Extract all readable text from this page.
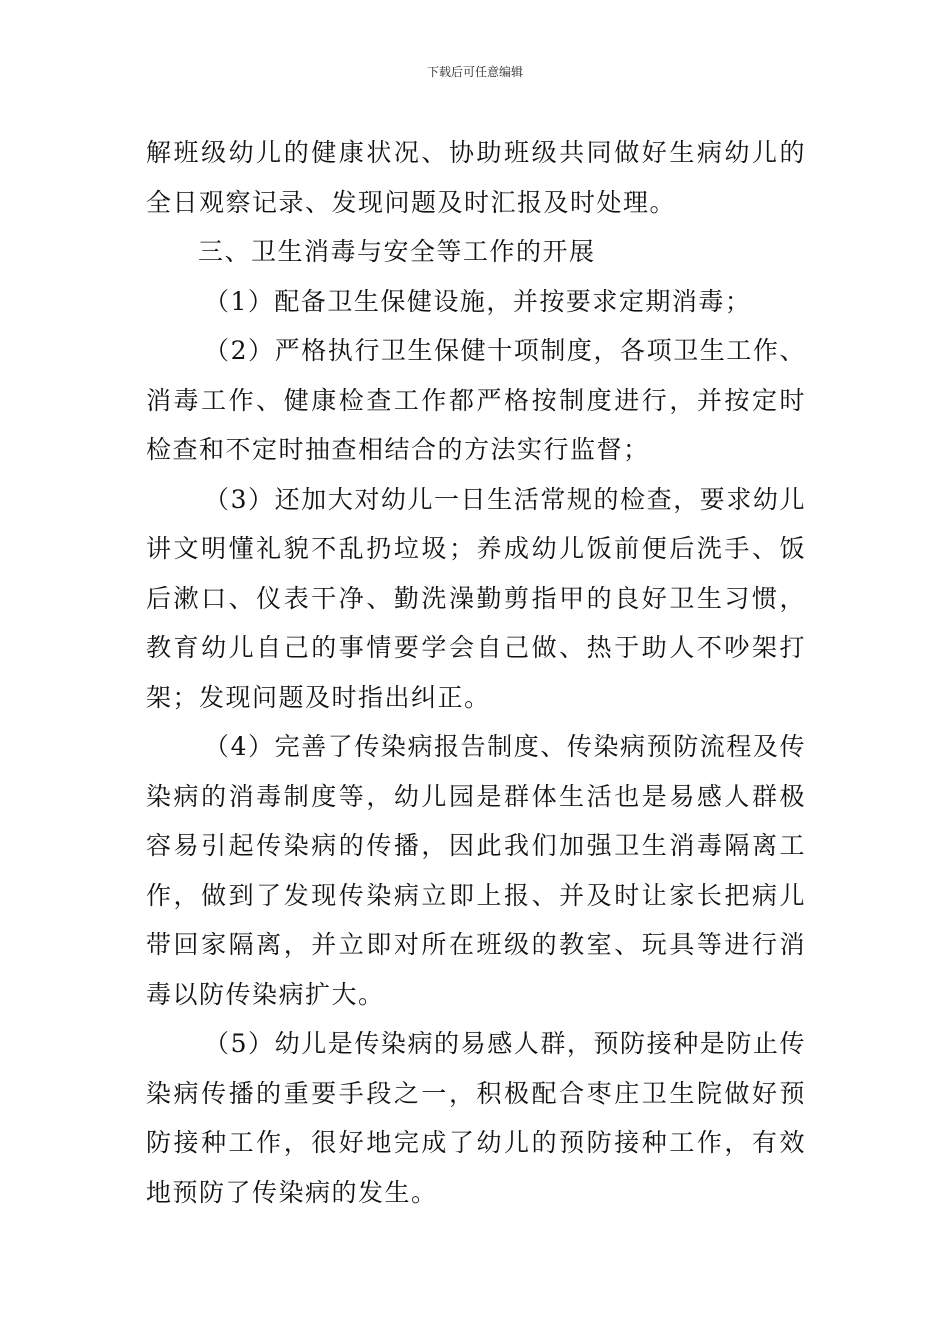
下载后可任意编辑

解班级幼儿的健康状况、协助班级共同做好生病幼儿的全日观察记录、发现问题及时汇报及时处理。

三、卫生消毒与安全等工作的开展

（1）配备卫生保健设施，并按要求定期消毒；

（2）严格执行卫生保健十项制度，各项卫生工作、消毒工作、健康检查工作都严格按制度进行，并按定时检查和不定时抽查相结合的方法实行监督；

（3）还加大对幼儿一日生活常规的检查，要求幼儿讲文明懂礼貌不乱扔垃圾；养成幼儿饭前便后洗手、饭后漱口、仪表干净、勤洗澡勤剪指甲的良好卫生习惯，教育幼儿自己的事情要学会自己做、热于助人不吵架打架；发现问题及时指出纠正。

（4）完善了传染病报告制度、传染病预防流程及传染病的消毒制度等，幼儿园是群体生活也是易感人群极容易引起传染病的传播，因此我们加强卫生消毒隔离工作，做到了发现传染病立即上报、并及时让家长把病儿带回家隔离，并立即对所在班级的教室、玩具等进行消毒以防传染病扩大。

（5）幼儿是传染病的易感人群，预防接种是防止传染病传播的重要手段之一，积极配合枣庄卫生院做好预防接种工作，很好地完成了幼儿的预防接种工作，有效地预防了传染病的发生。
